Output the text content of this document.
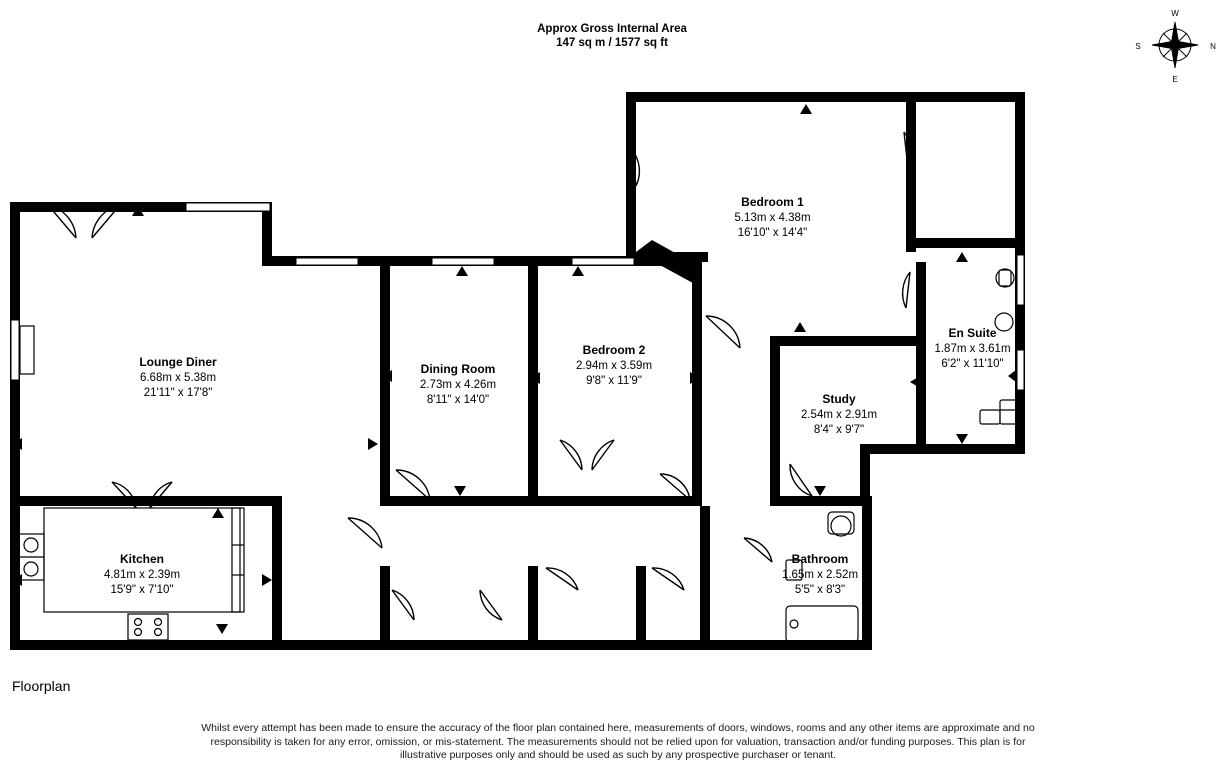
Approx Gross Internal Area
147 sq m / 1577 sq ft
W
S	N
E
Bedroom 1
5.13m x 4.38m
16'10" x 14'4"
Lounge Diner
6.68m x 5.38m
21'11" x 17'8"
Dining Room
2.73m x 4.26m
8'11" x 14'0"
Bedroom 2
2.94m x 3.59m
9'8" x 11'9"
En Suite
1.87m x 3.61m
6'2" x 11'10"
Study
2.54m x 2.91m
8'4" x 9'7"
Kitchen
4.81m x 2.39m
15'9" x 7'10"
Bathroom
1.65m x 2.52m
5'5" x 8'3"
Floorplan
Whilst every attempt has been made to ensure the accuracy of the floor plan contained here, measurements of doors, windows, rooms and any other items are approximate and no responsibility is taken for any error, omission, or mis-statement. The measurements should not be relied upon for valuation, transaction and/or funding purposes. This plan is for illustrative purposes only and should be used as such by any prospective purchaser or tenant.
